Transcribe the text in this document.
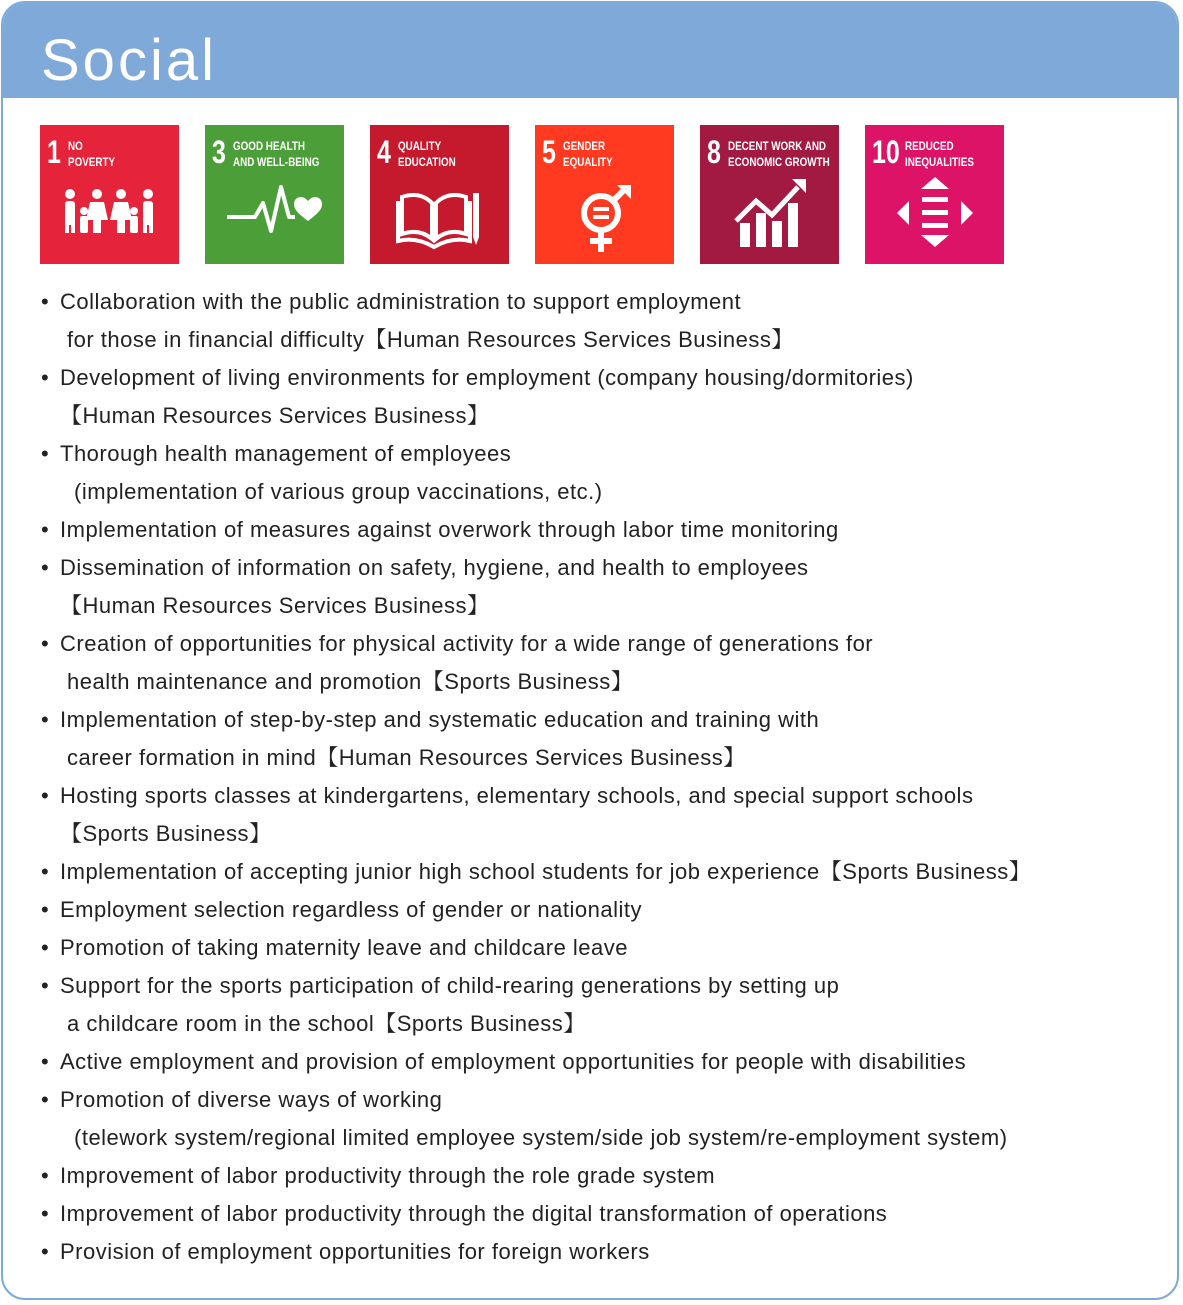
Social
1 NO
POVERTY	3 GOOD HEALTH
AND WELL-BEING 4 QUALITY
EDUCATION	5 GENDER
EQUALITY	8 DECENT WORK AND
ECONOMIC GROWTH 10 REDUCED
INEQUALITIES
• Collaboration with the public administration to support employment
for those in financial difficulty【Human Resources Services Business】
• Development of living environments for employment (company housing/dormitories)
【Human Resources Services Business】
• Thorough health management of employees
(implementation of various group vaccinations, etc.)
• Implementation of measures against overwork through labor time monitoring
• Dissemination of information on safety, hygiene, and health to employees
【Human Resources Services Business】
• Creation of opportunities for physical activity for a wide range of generations for
health maintenance and promotion【Sports Business】
• Implementation of step-by-step and systematic education and training with
career formation in mind【Human Resources Services Business】
• Hosting sports classes at kindergartens, elementary schools, and special support schools
【Sports Business】
• Implementation of accepting junior high school students for job experience【Sports Business】
• Employment selection regardless of gender or nationality
• Promotion of taking maternity leave and childcare leave
• Support for the sports participation of child-rearing generations by setting up
a childcare room in the school【Sports Business】
• Active employment and provision of employment opportunities for people with disabilities
• Promotion of diverse ways of working
(telework system/regional limited employee system/side job system/re-employment system)
• Improvement of labor productivity through the role grade system
• Improvement of labor productivity through the digital transformation of operations
• Provision of employment opportunities for foreign workers
